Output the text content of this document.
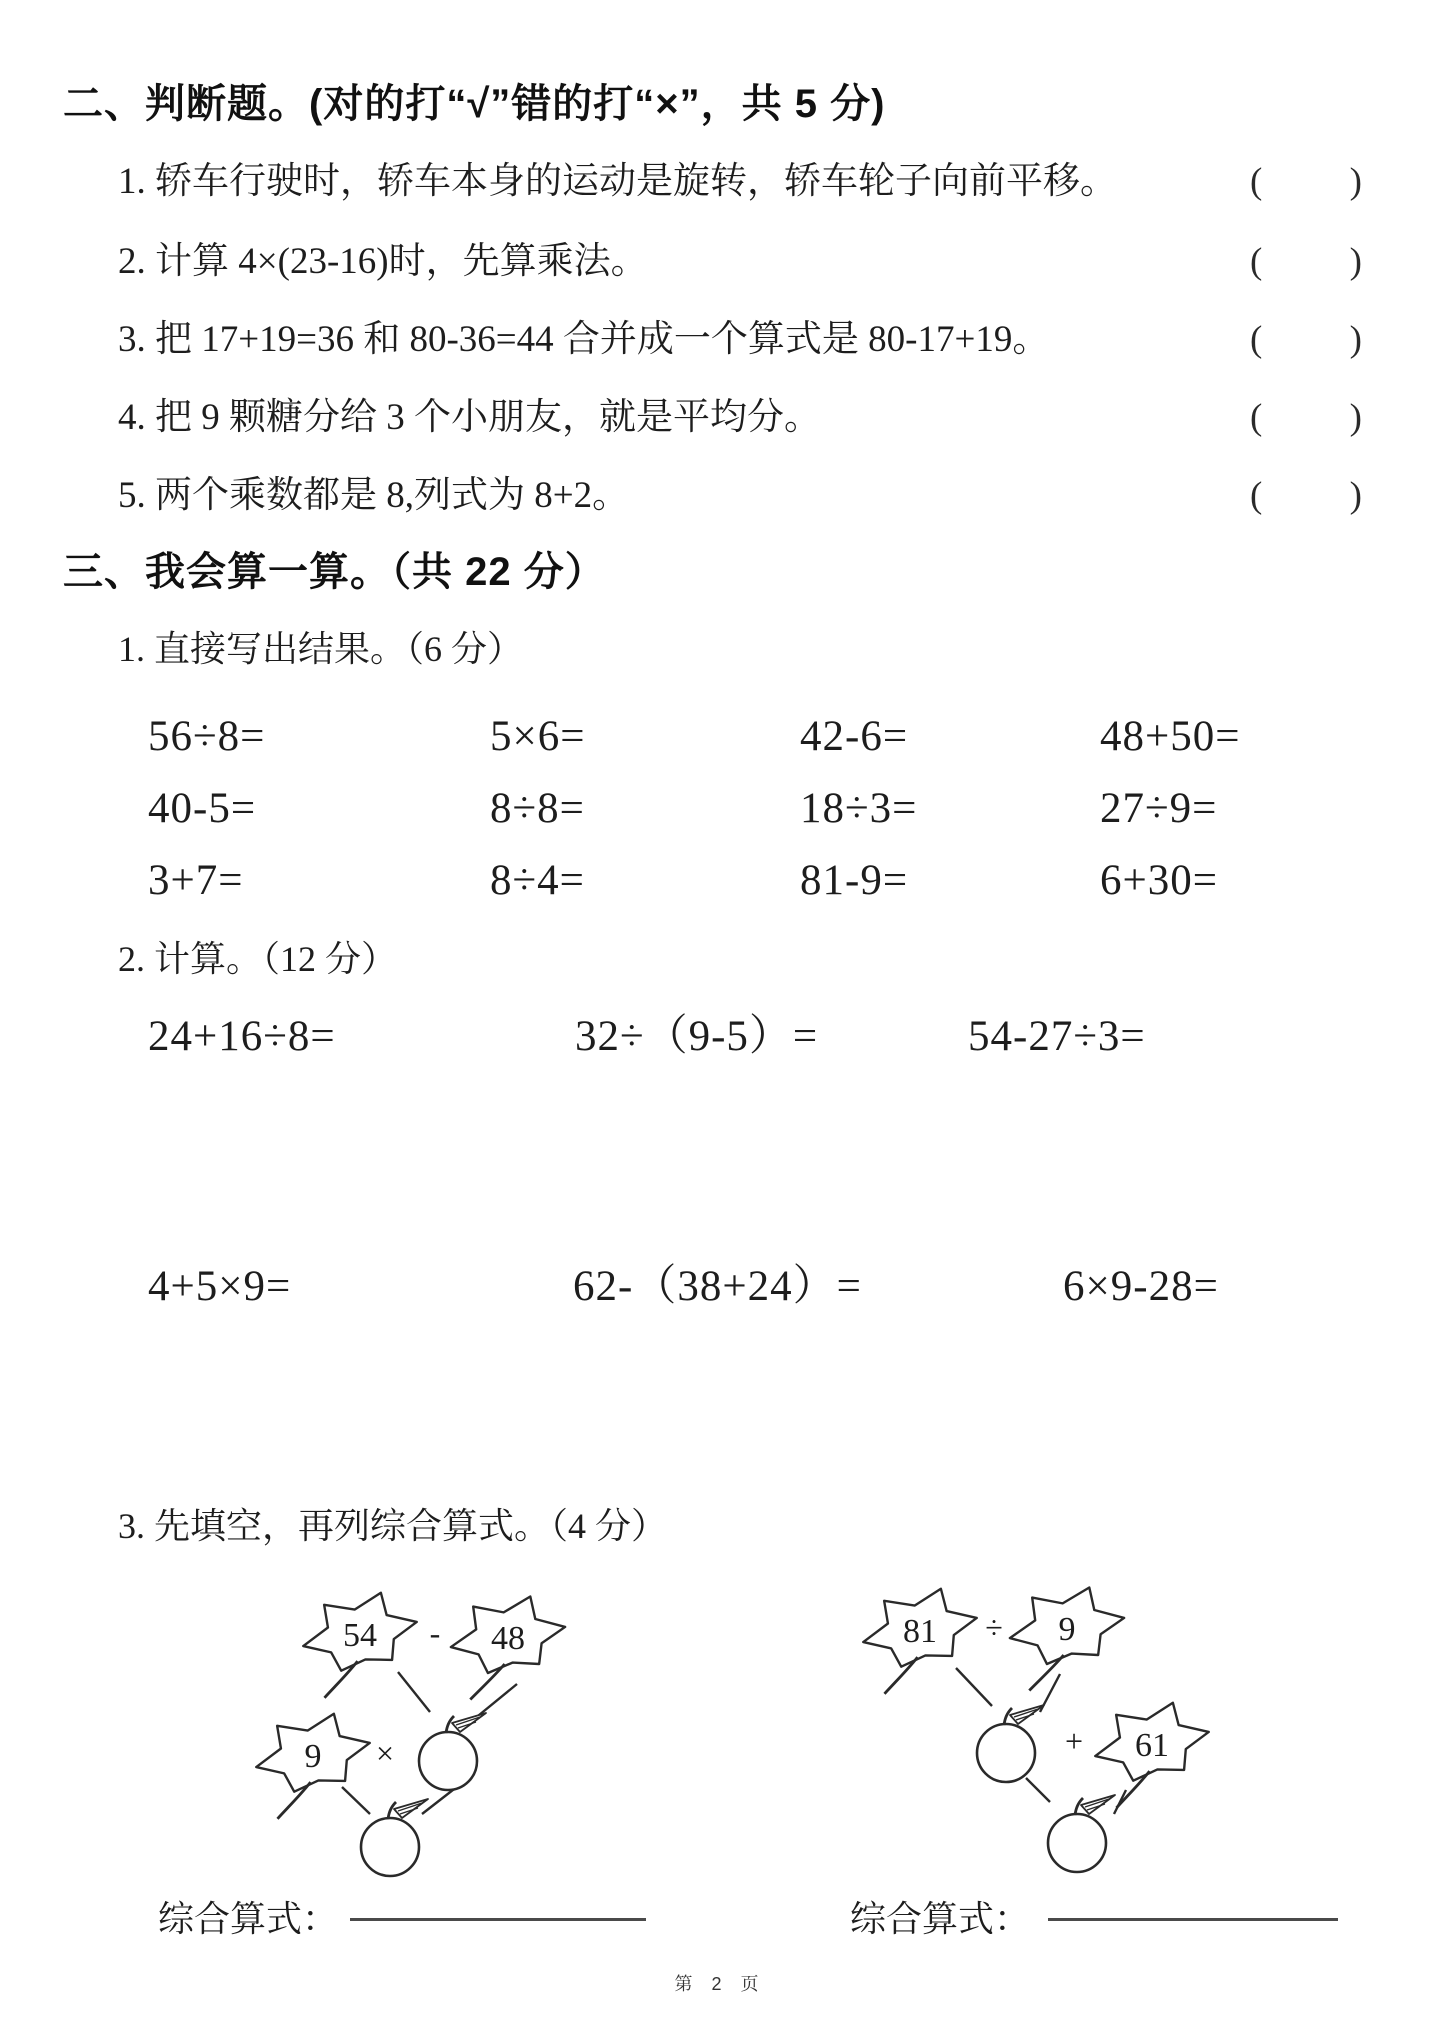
二、判断题。(对的打“√”错的打“×”，共 5 分)
1. 轿车行驶时，轿车本身的运动是旋转，轿车轮子向前平移。
2. 计算 4×(23-16)时，先算乘法。
3. 把 17+19=36 和 80-36=44 合并成一个算式是 80-17+19。
4. 把 9 颗糖分给 3 个小朋友，就是平均分。
5. 两个乘数都是 8,列式为 8+2。
( )
( )
( )
( )
( )
三、我会算一算。（共 22 分）
1. 直接写出结果。（6 分）
56÷8=	5×6=	42-6=	48+50=
40-5=	8÷8=	18÷3=	27÷9=
3+7=	8÷4=	81-9=	6+30=
2. 计算。（12 分）
24+16÷8=	32÷（9-5）=	54-27÷3=
4+5×9=	62-（38+24）=	6×9-28=
3. 先填空，再列综合算式。（4 分）
54 - 48
9 ×
81 ÷ 9
+ 61
综合算式：	综合算式：
第 2 页
